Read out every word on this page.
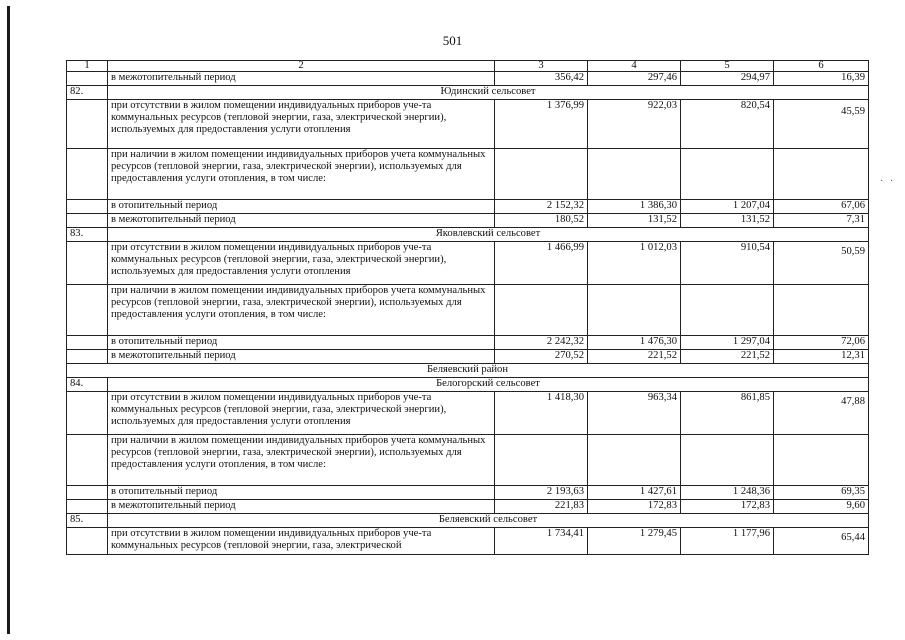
501
· ·
1	2	3	4	5	6
	в межотопительный период	356,42	297,46	294,97	16,39
82.	Юдинский сельсовет				
	при отсутствии в жилом помещении индивидуальных приборов уче-та коммунальных ресурсов (тепловой энергии, газа, электрической энергии), используемых для предоставления услуги отопления	1 376,99	922,03	820,54	45,59
	при наличии в жилом помещении индивидуальных приборов учета коммунальных ресурсов (тепловой энергии, газа, электрической энергии), используемых для предоставления услуги отопления, в том числе:				
	в отопительный период	2 152,32	1 386,30	1 207,04	67,06
	в межотопительный период	180,52	131,52	131,52	7,31
83.	Яковлевский сельсовет				
	при отсутствии в жилом помещении индивидуальных приборов уче-та коммунальных ресурсов (тепловой энергии, газа, электрической энергии), используемых для предоставления услуги отопления	1 466,99	1 012,03	910,54	50,59
	при наличии в жилом помещении индивидуальных приборов учета коммунальных ресурсов (тепловой энергии, газа, электрической энергии), используемых для предоставления услуги отопления, в том числе:				
	в отопительный период	2 242,32	1 476,30	1 297,04	72,06
	в межотопительный период	270,52	221,52	221,52	12,31
Беляевский район					
84.	Белогорский сельсовет				
	при отсутствии в жилом помещении индивидуальных приборов уче-та коммунальных ресурсов (тепловой энергии, газа, электрической энергии), используемых для предоставления услуги отопления	1 418,30	963,34	861,85	47,88
	при наличии в жилом помещении индивидуальных приборов учета коммунальных ресурсов (тепловой энергии, газа, электрической энергии), используемых для предоставления услуги отопления, в том числе:				
	в отопительный период	2 193,63	1 427,61	1 248,36	69,35
	в межотопительный период	221,83	172,83	172,83	9,60
85.	Беляевский сельсовет				
	при отсутствии в жилом помещении индивидуальных приборов уче-та коммунальных ресурсов (тепловой энергии, газа, электрической	1 734,41	1 279,45	1 177,96	65,44
